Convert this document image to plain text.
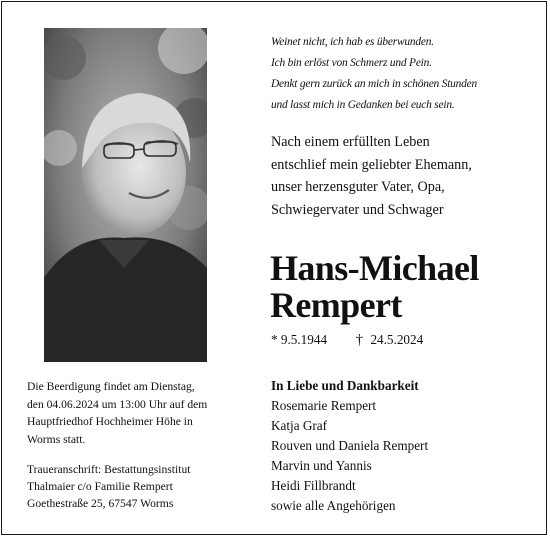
Weinet nicht, ich hab es überwunden.
Ich bin erlöst von Schmerz und Pein.
Denkt gern zurück an mich in schönen Stunden
und lasst mich in Gedanken bei euch sein.
Nach einem erfüllten Leben
entschlief mein geliebter Ehemann,
unser herzensguter Vater, Opa,
Schwiegervater und Schwager
Hans-Michael
Rempert
* 9.5.1944 † 24.5.2024
Die Beerdigung findet am Dienstag,
den 04.06.2024 um 13:00 Uhr auf dem
Hauptfriedhof Hochheimer Höhe in
Worms statt.
Traueranschrift: Bestattungsinstitut
Thalmaier c/o Familie Rempert
Goethestraße 25, 67547 Worms
In Liebe und Dankbarkeit
Rosemarie Rempert
Katja Graf
Rouven und Daniela Rempert
Marvin und Yannis
Heidi Fillbrandt
sowie alle Angehörigen
